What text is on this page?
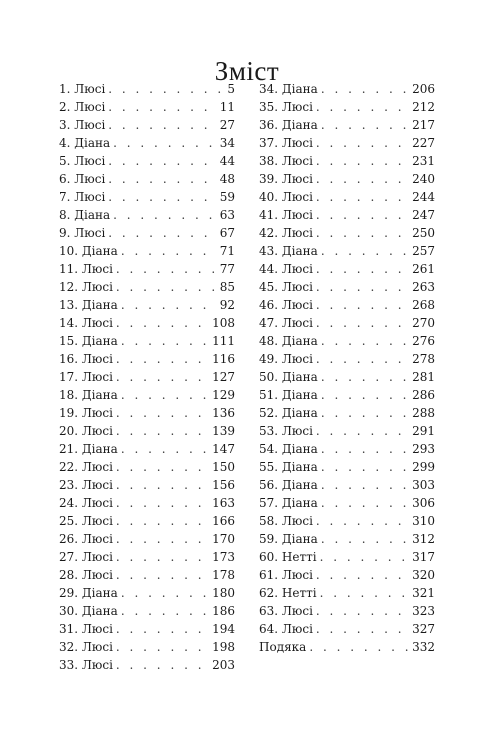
Зміст
1. Люсі . . .	5
2. Люсі . . .	11
3. Люсі . . .	27
4. Діана . . .	34
5. Люсі . . .	44
6. Люсі . . .	48
7. Люсі . . .	59
8. Діана . . .	63
9. Люсі . . .	67
10. Діана . . .	71
11. Люсі . . .	77
12. Люсі . . .	85
13. Діана . . .	92
14. Люсі . . .	108
15. Діана . . .	111
16. Люсі . . .	116
17. Люсі . . .	127
18. Діана . . .	129
19. Люсі . . .	136
20. Люсі . . .	139
21. Діана . . .	147
22. Люсі . . .	150
23. Люсі . . .	156
24. Люсі . . .	163
25. Люсі . . .	166
26. Люсі . . .	170
27. Люсі . . .	173
28. Люсі . . .	178
29. Діана . . .	180
30. Діана . . .	186
31. Люсі . . .	194
32. Люсі . . .	198
33. Люсі . . .	203
34. Діана . . .	206
35. Люсі . . .	212
36. Діана . . .	217
37. Люсі . . .	227
38. Люсі . . .	231
39. Люсі . . .	240
40. Люсі . . .	244
41. Люсі . . .	247
42. Люсі . . .	250
43. Діана . . .	257
44. Люсі . . .	261
45. Люсі . . .	263
46. Люсі . . .	268
47. Люсі . . .	270
48. Діана . . .	276
49. Люсі . . .	278
50. Діана . . .	281
51. Діана . . .	286
52. Діана . . .	288
53. Люсі . . .	291
54. Діана . . .	293
55. Діана . . .	299
56. Діана . . .	303
57. Діана . . .	306
58. Люсі . . .	310
59. Діана . . .	312
60. Нетті . . .	317
61. Люсі . . .	320
62. Нетті . . .	321
63. Люсі . . .	323
64. Люсі . . .	327
Подяка . . .	332
